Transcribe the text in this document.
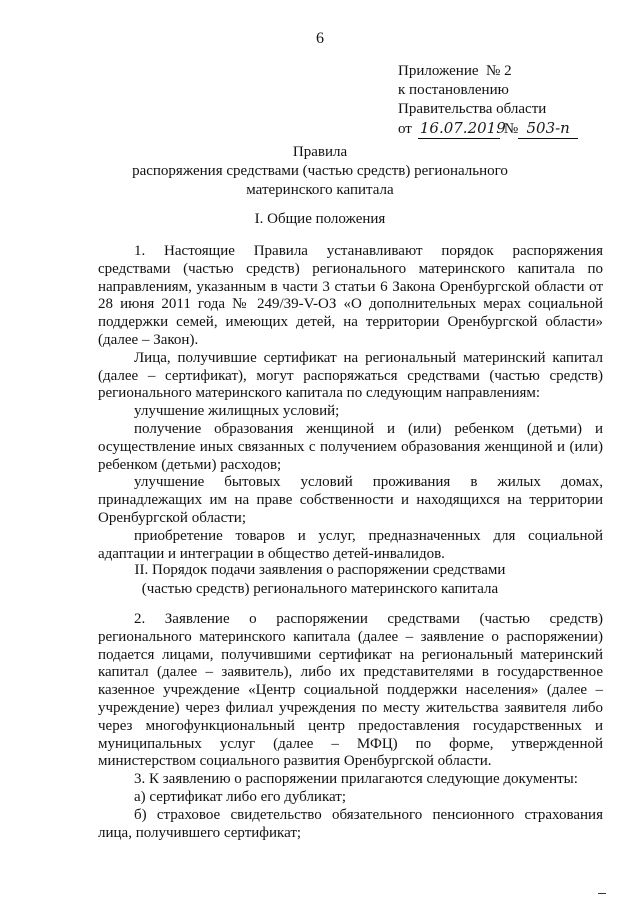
6
Приложение  № 2
к постановлению
Правительства области
от 16.07.2019
№ 503-п
Правила
распоряжения средствами (частью средств) регионального
материнского капитала
I. Общие положения

1. Настоящие Правила устанавливают порядок распоряжения средствами (частью средств) регионального материнского капитала по направлениям, указанным в части 3 статьи 6 Закона Оренбургской области от 28 июня 2011 года № 249/39-V-ОЗ «О дополнительных мерах социальной поддержки семей, имеющих детей, на территории Оренбургской области» (далее – Закон).

Лица, получившие сертификат на региональный материнский капитал (далее – сертификат), могут распоряжаться средствами (частью средств) регионального материнского капитала по следующим направлениям:

улучшение жилищных условий;

получение образования женщиной и (или) ребенком (детьми) и осуществление иных связанных с получением образования женщиной и (или) ребенком (детьми) расходов;

улучшение бытовых условий проживания в жилых домах, принадлежащих им на праве собственности и находящихся на территории Оренбургской области;

приобретение товаров и услуг, предназначенных для социальной адаптации и интеграции в общество детей-инвалидов.

II. Порядок подачи заявления о распоряжении средствами
(частью средств) регионального материнского капитала

2. Заявление о распоряжении средствами (частью средств) регионального материнского капитала (далее – заявление о распоряжении) подается лицами, получившими сертификат на региональный материнский капитал (далее – заявитель), либо их представителями в государственное казенное учреждение «Центр социальной поддержки населения» (далее –учреждение) через филиал учреждения по месту жительства заявителя либо через многофункциональный центр предоставления государственных и муниципальных услуг (далее – МФЦ) по форме, утвержденной министерством социального развития Оренбургской области.

3. К заявлению о распоряжении прилагаются следующие документы:

а) сертификат либо его дубликат;

б) страховое свидетельство обязательного пенсионного страхования лица, получившего сертификат;
